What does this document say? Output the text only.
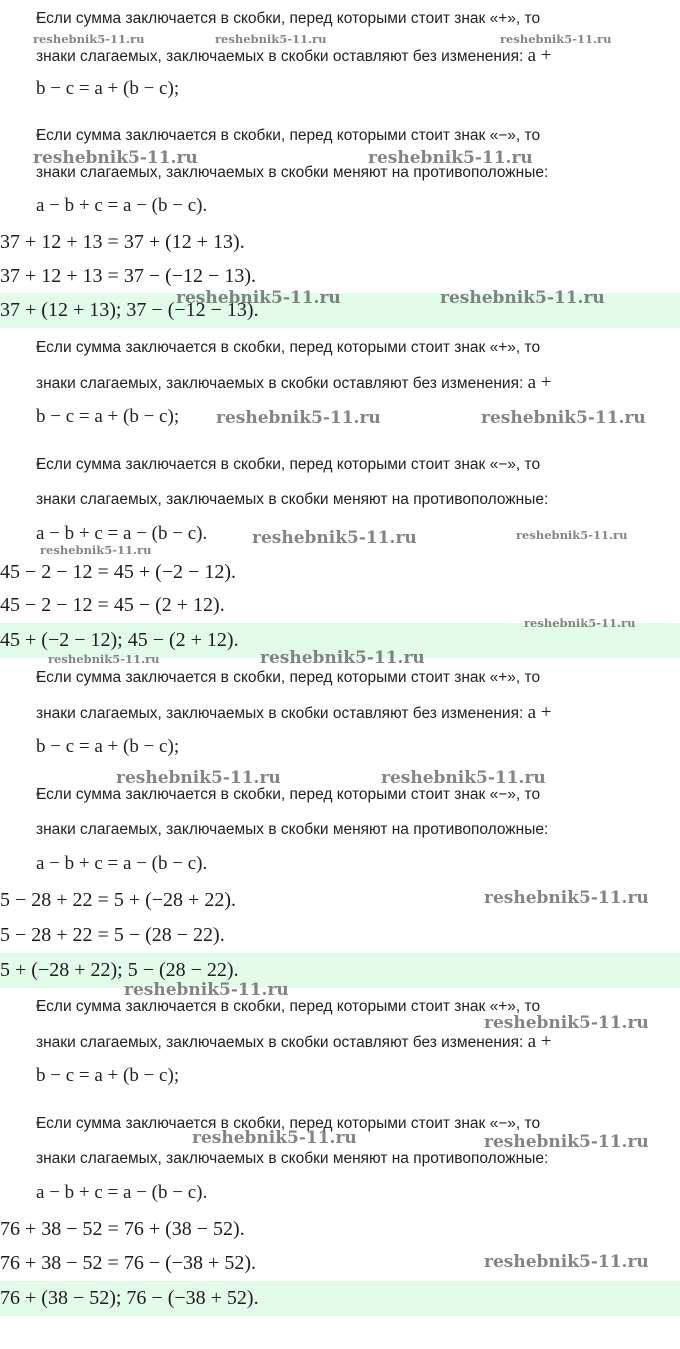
Если сумма заключается в скобки, перед которыми стоит знак «+», то
знаки слагаемых, заключаемых в скобки оставляют без изменения: a +
b − c = a + (b − c);
Если сумма заключается в скобки, перед которыми стоит знак «−», то
знаки слагаемых, заключаемых в скобки меняют на противоположные:
a − b + c = a − (b − c).
37 + 12 + 13 = 37 + (12 + 13).
37 + 12 + 13 = 37 − (−12 − 13).
37 + (12 + 13); 37 − (−12 − 13).
Если сумма заключается в скобки, перед которыми стоит знак «+», то
знаки слагаемых, заключаемых в скобки оставляют без изменения: a +
b − c = a + (b − c);
Если сумма заключается в скобки, перед которыми стоит знак «−», то
знаки слагаемых, заключаемых в скобки меняют на противоположные:
a − b + c = a − (b − c).
45 − 2 − 12 = 45 + (−2 − 12).
45 − 2 − 12 = 45 − (2 + 12).
45 + (−2 − 12); 45 − (2 + 12).
Если сумма заключается в скобки, перед которыми стоит знак «+», то
знаки слагаемых, заключаемых в скобки оставляют без изменения: a +
b − c = a + (b − c);
Если сумма заключается в скобки, перед которыми стоит знак «−», то
знаки слагаемых, заключаемых в скобки меняют на противоположные:
a − b + c = a − (b − c).
5 − 28 + 22 = 5 + (−28 + 22).
5 − 28 + 22 = 5 − (28 − 22).
5 + (−28 + 22); 5 − (28 − 22).
Если сумма заключается в скобки, перед которыми стоит знак «+», то
знаки слагаемых, заключаемых в скобки оставляют без изменения: a +
b − c = a + (b − c);
Если сумма заключается в скобки, перед которыми стоит знак «−», то
знаки слагаемых, заключаемых в скобки меняют на противоположные:
a − b + c = a − (b − c).
76 + 38 − 52 = 76 + (38 − 52).
76 + 38 − 52 = 76 − (−38 + 52).
76 + (38 − 52); 76 − (−38 + 52).
reshebnik5-11.ru	reshebnik5-11.ru	reshebnik5-11.ru
reshebnik5-11.ru	reshebnik5-11.ru
reshebnik5-11.ru	reshebnik5-11.ru
reshebnik5-11.ru	reshebnik5-11.ru
reshebnik5-11.ru	reshebnik5-11.ru
reshebnik5-11.ru
reshebnik5-11.ru
reshebnik5-11.ru	reshebnik5-11.ru
reshebnik5-11.ru	reshebnik5-11.ru
reshebnik5-11.ru
reshebnik5-11.ru
reshebnik5-11.ru
reshebnik5-11.ru	reshebnik5-11.ru
reshebnik5-11.ru
